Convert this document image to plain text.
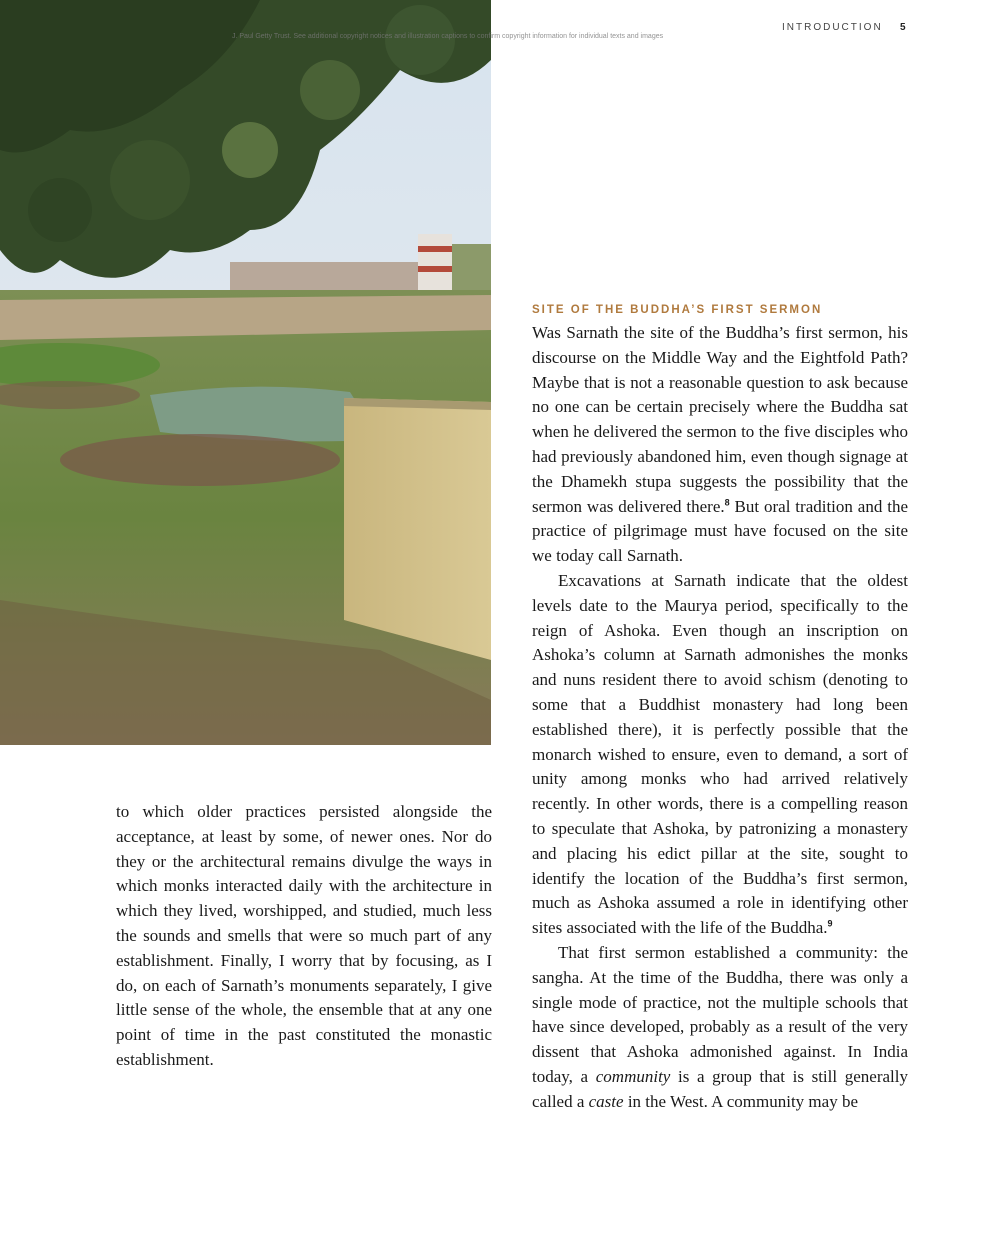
INTRODUCTION 5
J. Paul Getty Trust. See additional copyright notices and illustration captions to confirm copyright information for individual texts and images

to which older practices persisted alongside the acceptance, at least by some, of newer ones. Nor do they or the architectural remains divulge the ways in which monks interacted daily with the architecture in which they lived, worshipped, and studied, much less the sounds and smells that were so much part of any establishment. Finally, I worry that by focusing, as I do, on each of Sarnath’s monuments separately, I give little sense of the whole, the ensemble that at any one point of time in the past constituted the monastic establishment.

SITE OF THE BUDDHA’S FIRST SERMON

Was Sarnath the site of the Buddha’s first sermon, his discourse on the Middle Way and the Eightfold Path? Maybe that is not a reasonable question to ask because no one can be certain precisely where the Buddha sat when he delivered the sermon to the five disciples who had previously abandoned him, even though signage at the Dhamekh stupa suggests the possibility that the sermon was delivered there.$^8$ But oral tradition and the practice of pilgrimage must have focused on the site we today call Sarnath.

Excavations at Sarnath indicate that the oldest levels date to the Maurya period, specifically to the reign of Ashoka. Even though an inscription on Ashoka’s column at Sarnath admonishes the monks and nuns resident there to avoid schism (denoting to some that a Buddhist monastery had long been established there), it is perfectly possible that the monarch wished to ensure, even to demand, a sort of unity among monks who had arrived relatively recently. In other words, there is a compelling reason to speculate that Ashoka, by patronizing a monastery and placing his edict pillar at the site, sought to identify the location of the Buddha’s first sermon, much as Ashoka assumed a role in identifying other sites associated with the life of the Buddha.$^9$

That first sermon established a community: the sangha. At the time of the Buddha, there was only a single mode of practice, not the multiple schools that have since developed, probably as a result of the very dissent that Ashoka admonished against. In India today, a community is a group that is still generally called a caste in the West. A community may be
